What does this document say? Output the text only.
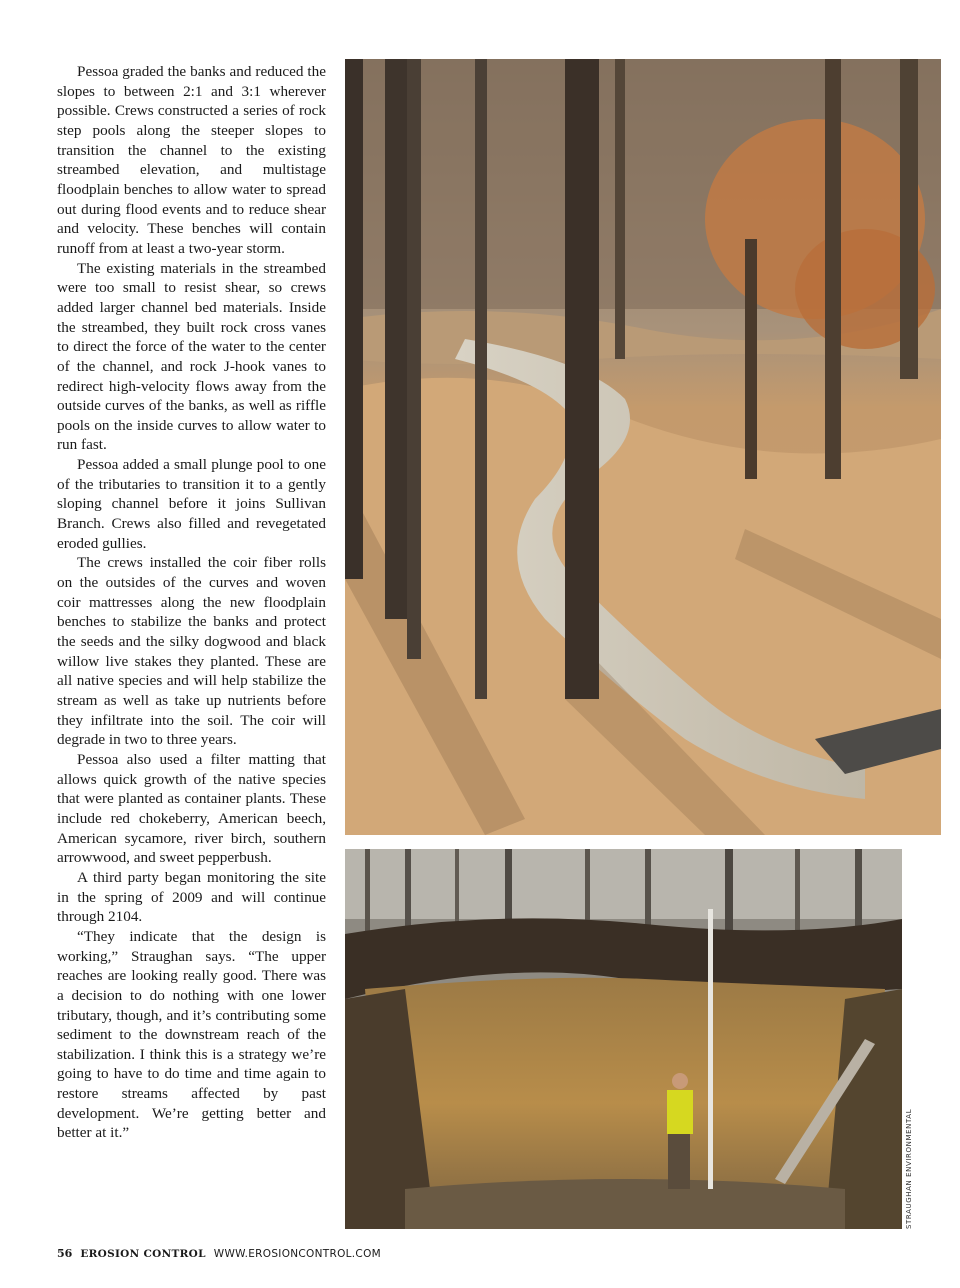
Pessoa graded the banks and reduced the slopes to between 2:1 and 3:1 wherever possible. Crews constructed a series of rock step pools along the steeper slopes to transition the channel to the existing streambed elevation, and multistage floodplain benches to allow water to spread out during flood events and to reduce shear and velocity. These benches will contain runoff from at least a two-year storm.

The existing materials in the streambed were too small to resist shear, so crews added larger channel bed materials. Inside the streambed, they built rock cross vanes to direct the force of the water to the center of the channel, and rock J-hook vanes to redirect high-velocity flows away from the outside curves of the banks, as well as riffle pools on the inside curves to allow water to run fast.

Pessoa added a small plunge pool to one of the tributaries to transition it to a gently sloping channel before it joins Sullivan Branch. Crews also filled and revegetated eroded gullies.

The crews installed the coir fiber rolls on the outsides of the curves and woven coir mattresses along the new floodplain benches to stabilize the banks and protect the seeds and the silky dogwood and black willow live stakes they planted. These are all native species and will help stabilize the stream as well as take up nutrients before they infiltrate into the soil. The coir will degrade in two to three years.

Pessoa also used a filter matting that allows quick growth of the native species that were planted as container plants. These include red chokeberry, American beech, American sycamore, river birch, southern arrowwood, and sweet pepperbush.

A third party began monitoring the site in the spring of 2009 and will continue through 2104.

“They indicate that the design is working,” Straughan says. “The upper reaches are looking really good. There was a decision to do nothing with one lower tributary, though, and it’s contributing some sediment to the downstream reach of the stabilization. I think this is a strategy we’re going to have to do time and time again to restore streams affected by past development. We’re getting better and better at it.”	STRAUGHAN ENVIRONMENTAL
56 EROSION CONTROL WWW.EROSIONCONTROL.COM
